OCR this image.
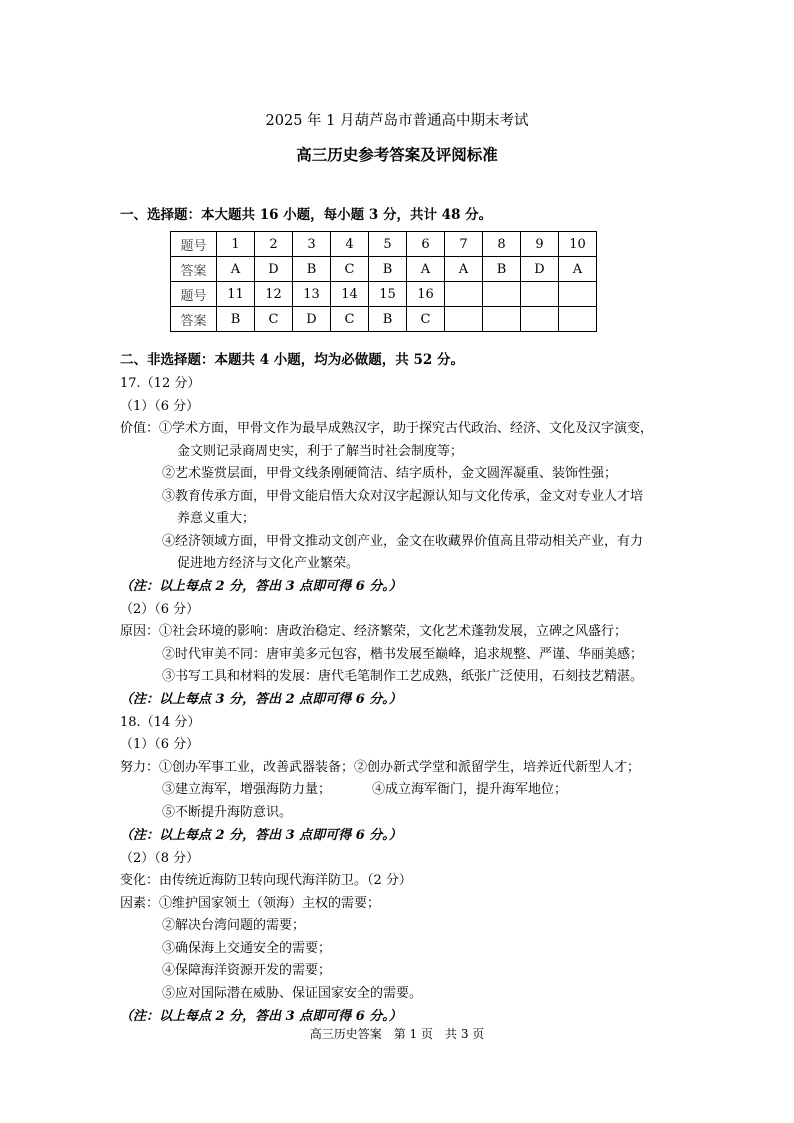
2025 年 1 月葫芦岛市普通高中期末考试
高三历史参考答案及评阅标准
一、选择题：本大题共 16 小题，每小题 3 分，共计 48 分。
题号	1	2	3	4	5	6	7	8	9	10
答案	A	D	B	C	B	A	A	B	D	A
题号	11	12	13	14	15	16				
答案	B	C	D	C	B	C				
二、非选择题：本题共 4 小题，均为必做题，共 52 分。
17.（12 分）
（1）（6 分）
价值：①学术方面，甲骨文作为最早成熟汉字，助于探究古代政治、经济、文化及汉字演变，
金文则记录商周史实，利于了解当时社会制度等；
②艺术鉴赏层面，甲骨文线条刚硬简洁、结字质朴，金文圆浑凝重、装饰性强；
③教育传承方面，甲骨文能启悟大众对汉字起源认知与文化传承，金文对专业人才培
养意义重大；
④经济领域方面，甲骨文推动文创产业，金文在收藏界价值高且带动相关产业，有力
促进地方经济与文化产业繁荣。
（注：以上每点 2 分，答出 3 点即可得 6 分。）
（2）（6 分）
原因：①社会环境的影响：唐政治稳定、经济繁荣，文化艺术蓬勃发展，立碑之风盛行；
②时代审美不同：唐审美多元包容，楷书发展至巅峰，追求规整、严谨、华丽美感；
③书写工具和材料的发展：唐代毛笔制作工艺成熟，纸张广泛使用，石刻技艺精湛。
（注：以上每点 3 分，答出 2 点即可得 6 分。）
18.（14 分）
（1）（6 分）
努力：①创办军事工业，改善武器装备；②创办新式学堂和派留学生，培养近代新型人才；
③建立海军，增强海防力量；	④成立海军衙门，提升海军地位；
⑤不断提升海防意识。
（注：以上每点 2 分，答出 3 点即可得 6 分。）
（2）（8 分）
变化：由传统近海防卫转向现代海洋防卫。（2 分）
因素：①维护国家领土（领海）主权的需要；
②解决台湾问题的需要；
③确保海上交通安全的需要；
④保障海洋资源开发的需要；
⑤应对国际潜在威胁、保证国家安全的需要。
（注：以上每点 2 分，答出 3 点即可得 6 分。）
高三历史答案　第 1 页　共 3 页
